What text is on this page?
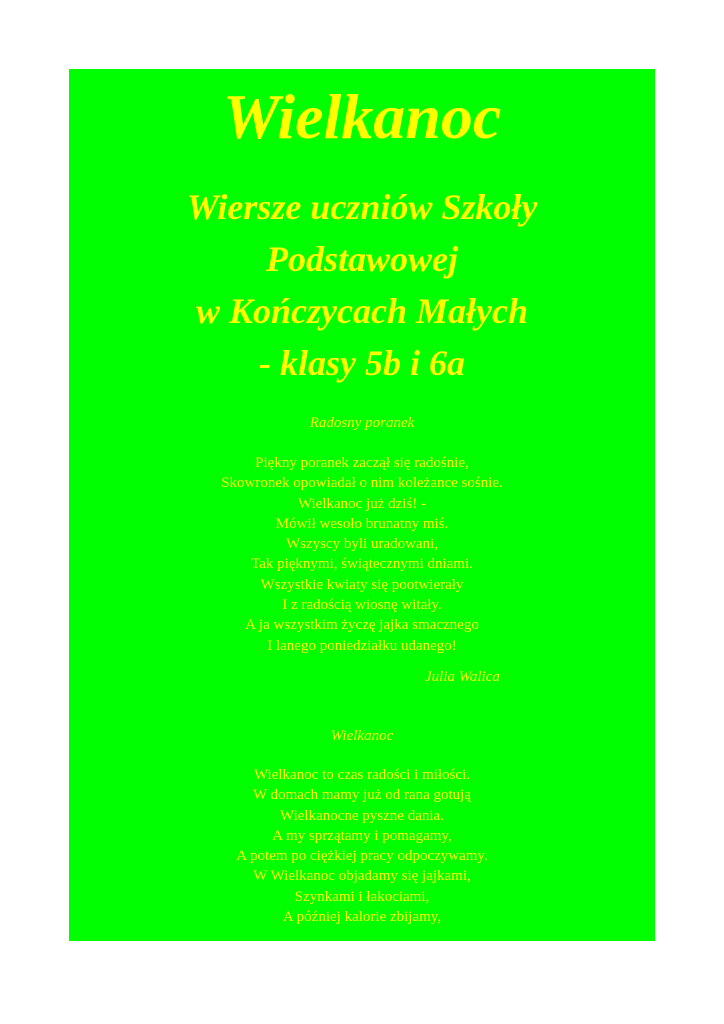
Wielkanoc
Wiersze uczniów Szkoły
Podstawowej
w Kończycach Małych
- klasy 5b i 6a
Radosny poranek
Piękny poranek zaczął się radośnie,
Skowronek opowiadał o nim koleżance sośnie.
Wielkanoc już dziś! -
Mówił wesoło brunatny miś.
Wszyscy byli uradowani,
Tak pięknymi, świątecznymi dniami.
Wszystkie kwiaty się pootwierały
I z radością wiosnę witały.
A ja wszystkim życzę jajka smacznego
I lanego poniedziałku udanego!

Julia Walica

Wielkanoc
Wielkanoc to czas radości i miłości.
W domach mamy już od rana gotują
Wielkanocne pyszne dania.
A my sprzątamy i pomagamy,
A potem po ciężkiej pracy odpoczywamy.
W Wielkanoc objadamy się jajkami,
Szynkami i łakociami,
A później kalorie zbijamy,
